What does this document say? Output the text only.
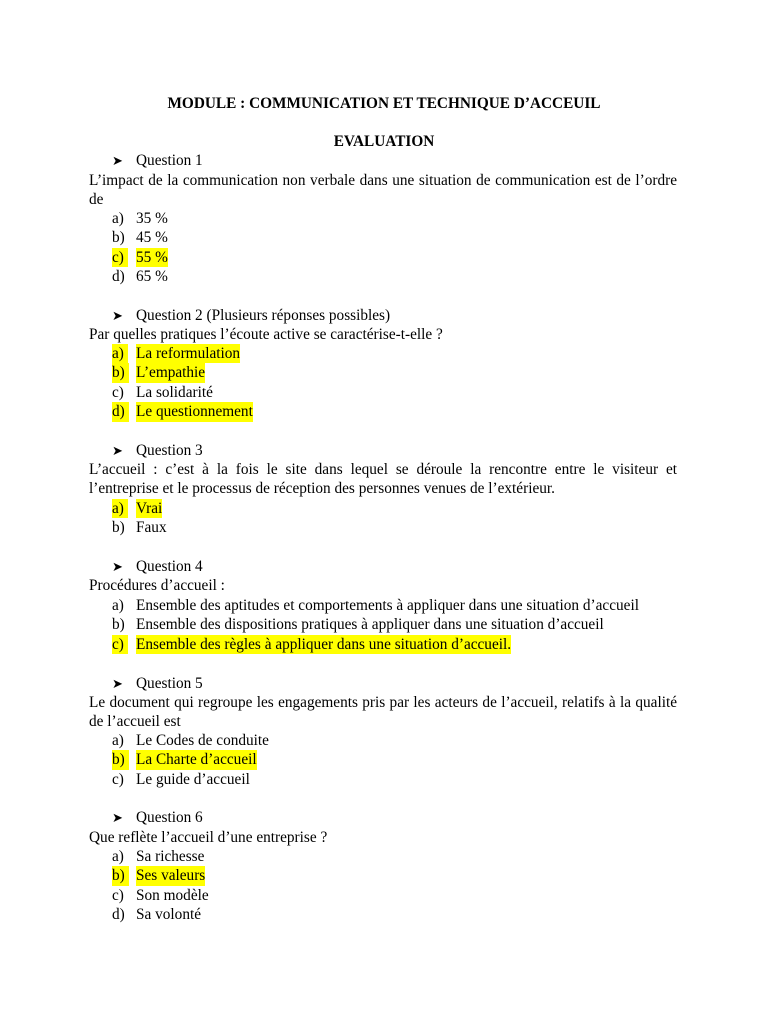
MODULE : COMMUNICATION ET TECHNIQUE D’ACCEUIL
EVALUATION
➤ Question 1
L’impact de la communication non verbale dans une situation de communication est de l’ordre de
a) 35 %
b) 45 %
c) 55 %
d) 65 %
➤ Question 2 (Plusieurs réponses possibles)
Par quelles pratiques l’écoute active se caractérise-t-elle ?
a) La reformulation
b) L’empathie
c) La solidarité
d) Le questionnement
➤ Question 3
L’accueil : c’est à la fois le site dans lequel se déroule la rencontre entre le visiteur et l’entreprise et le processus de réception des personnes venues de l’extérieur.
a) Vrai
b) Faux
➤ Question 4
Procédures d’accueil :
a) Ensemble des aptitudes et comportements à appliquer dans une situation d’accueil
b) Ensemble des dispositions pratiques à appliquer dans une situation d’accueil
c) Ensemble des règles à appliquer dans une situation d’accueil.
➤ Question 5
Le document qui regroupe les engagements pris par les acteurs de l’accueil, relatifs à la qualité de l’accueil est
a) Le Codes de conduite
b) La Charte d’accueil
c) Le guide d’accueil
➤ Question 6
Que reflète l’accueil d’une entreprise ?
a) Sa richesse
b) Ses valeurs
c) Son modèle
d) Sa volonté
